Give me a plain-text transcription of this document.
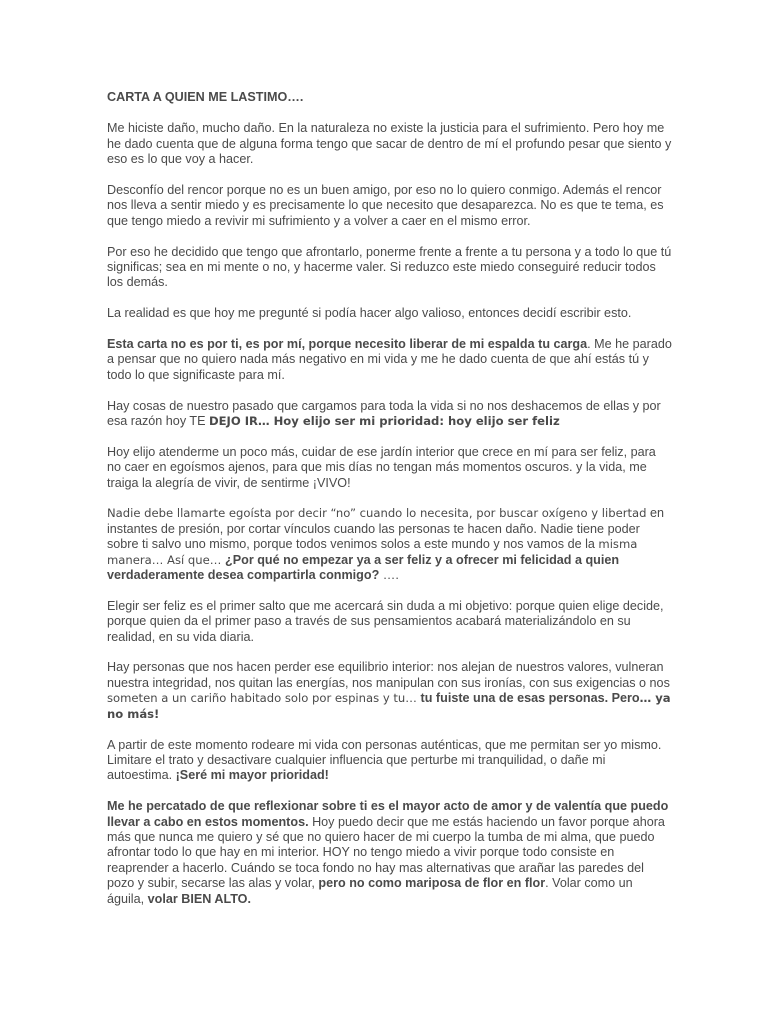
CARTA A QUIEN ME LASTIMO….

Me hiciste daño, mucho daño. En la naturaleza no existe la justicia para el sufrimiento. Pero hoy me he dado cuenta que de alguna forma tengo que sacar de dentro de mí el profundo pesar que siento y eso es lo que voy a hacer.

Desconfío del rencor porque no es un buen amigo, por eso no lo quiero conmigo. Además el rencor nos lleva a sentir miedo y es precisamente lo que necesito que desaparezca. No es que te tema, es que tengo miedo a revivir mi sufrimiento y a volver a caer en el mismo error.

Por eso he decidido que tengo que afrontarlo, ponerme frente a frente a tu persona y a todo lo que tú significas; sea en mi mente o no, y hacerme valer. Si reduzco este miedo conseguiré reducir todos los demás.

La realidad es que hoy me pregunté si podía hacer algo valioso, entonces decidí escribir esto.

Esta carta no es por ti, es por mí, porque necesito liberar de mi espalda tu carga. Me he parado a pensar que no quiero nada más negativo en mi vida y me he dado cuenta de que ahí estás tú y todo lo que significaste para mí.

Hay cosas de nuestro pasado que cargamos para toda la vida si no nos deshacemos de ellas y por esa razón hoy TE DEJO IR… Hoy elijo ser mi prioridad: hoy elijo ser feliz

Hoy elijo atenderme un poco más, cuidar de ese jardín interior que crece en mí para ser feliz, para no caer en egoísmos ajenos, para que mis días no tengan más momentos oscuros. y la vida, me traiga la alegría de vivir, de sentirme ¡VIVO!

Nadie debe llamarte egoísta por decir “no” cuando lo necesita, por buscar oxígeno y libertad en instantes de presión, por cortar vínculos cuando las personas te hacen daño. Nadie tiene poder sobre ti salvo uno mismo, porque todos venimos solos a este mundo y nos vamos de la misma manera… Así que… ¿Por qué no empezar ya a ser feliz y a ofrecer mi felicidad a quien verdaderamente desea compartirla conmigo? ….

Elegir ser feliz es el primer salto que me acercará sin duda a mi objetivo: porque quien elige decide, porque quien da el primer paso a través de sus pensamientos acabará materializándolo en su realidad, en su vida diaria.

Hay personas que nos hacen perder ese equilibrio interior: nos alejan de nuestros valores, vulneran nuestra integridad, nos quitan las energías, nos manipulan con sus ironías, con sus exigencias o nos someten a un cariño habitado solo por espinas y tu… tu fuiste una de esas personas. Pero… ya no más!

A partir de este momento rodeare mi vida con personas auténticas, que me permitan ser yo mismo. Limitare el trato y desactivare cualquier influencia que perturbe mi tranquilidad, o dañe mi autoestima. ¡Seré mi mayor prioridad!

Me he percatado de que reflexionar sobre ti es el mayor acto de amor y de valentía que puedo llevar a cabo en estos momentos. Hoy puedo decir que me estás haciendo un favor porque ahora más que nunca me quiero y sé que no quiero hacer de mi cuerpo la tumba de mi alma, que puedo afrontar todo lo que hay en mi interior. HOY no tengo miedo a vivir porque todo consiste en reaprender a hacerlo. Cuándo se toca fondo no hay mas alternativas que arañar las paredes del pozo y subir, secarse las alas y volar, pero no como mariposa de flor en flor. Volar como un águila, volar BIEN ALTO.
